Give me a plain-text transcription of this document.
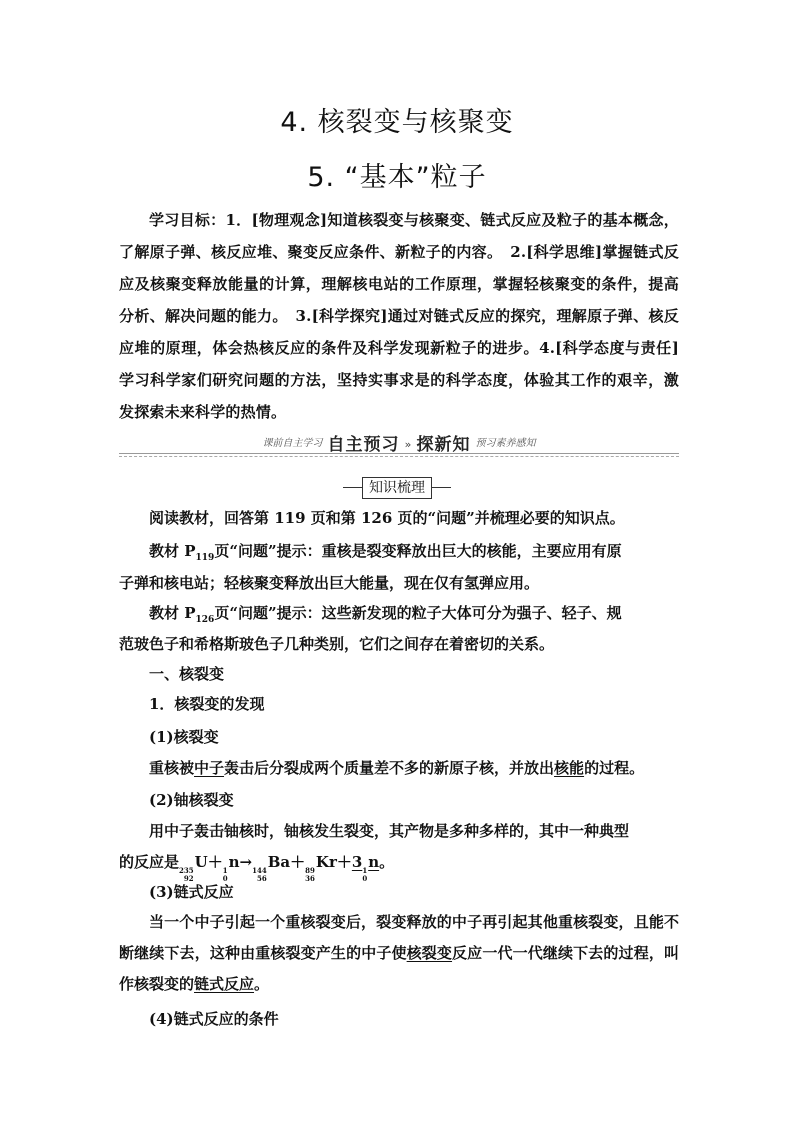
4. 核裂变与核聚变
5. “基本”粒子
学习目标：1．[物理观念]知道核裂变与核聚变、链式反应及粒子的基本概念，了解原子弹、核反应堆、聚变反应条件、新粒子的内容。　2.[科学思维]掌握链式反应及核聚变释放能量的计算，理解核电站的工作原理，掌握轻核聚变的条件，提高分析、解决问题的能力。　3.[科学探究]通过对链式反应的探究，理解原子弹、核反应堆的原理，体会热核反应的条件及科学发现新粒子的进步。4.[科学态度与责任]学习科学家们研究问题的方法，坚持实事求是的科学态度，体验其工作的艰辛，激发探索未来科学的热情。
$^{课前自主学习}$ 自主预习 » 探新知 $^{预习素养感知}$
知识梳理
阅读教材，回答第 119 页和第 126 页的“问题”并梳理必要的知识点。
教材 $P_{119}$页“问题”提示：重核是裂变释放出巨大的核能，主要应用有原
子弹和核电站；轻核聚变释放出巨大能量，现在仅有氢弹应用。
教材 $P_{126}$页“问题”提示：这些新发现的粒子大体可分为强子、轻子、规
范玻色子和希格斯玻色子几种类别，它们之间存在着密切的关系。
一、核裂变
1．核裂变的发现
(1)核裂变
重核被中子轰击后分裂成两个质量差不多的新原子核，并放出核能的过程。
(2)铀核裂变
用中子轰击铀核时，铀核发生裂变，其产物是多种多样的，其中一种典型
的反应是 235
92
U＋ 1
0
n→ 144
56
Ba＋ 89
36
Kr＋3 1
0
n。
(3)链式反应
当一个中子引起一个重核裂变后，裂变释放的中子再引起其他重核裂变，且能不断继续下去，这种由重核裂变产生的中子使核裂变反应一代一代继续下去的过程，叫作核裂变的链式反应。
(4)链式反应的条件
